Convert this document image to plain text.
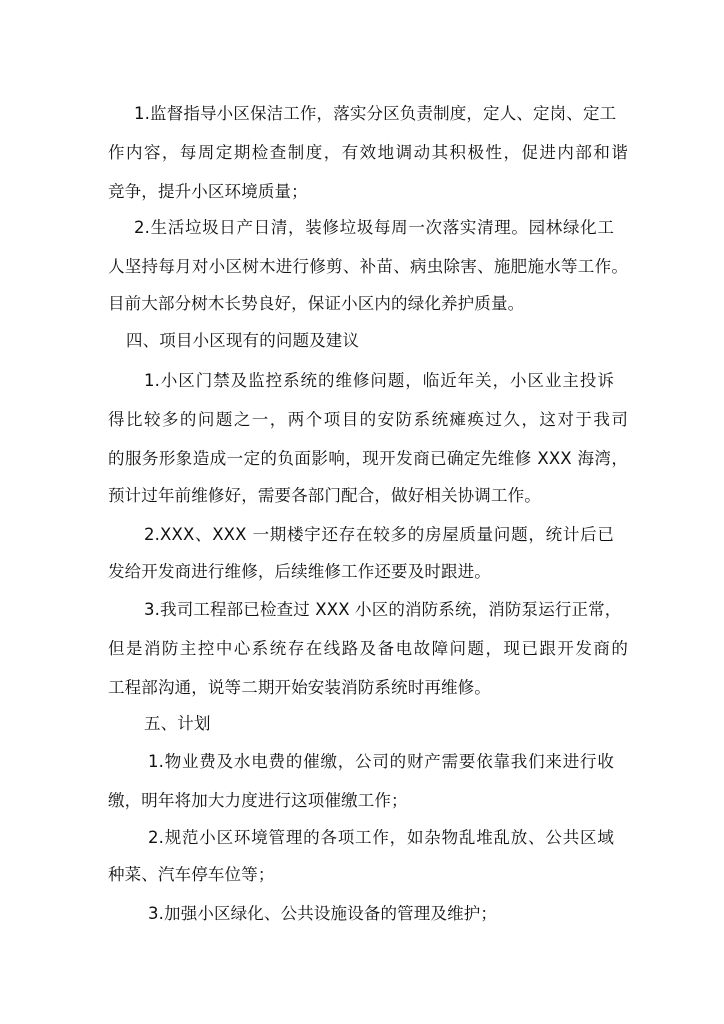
1.监督指导小区保洁工作，落实分区负责制度，定人、定岗、定工
作内容，每周定期检查制度，有效地调动其积极性，促进内部和谐
竞争，提升小区环境质量；
2.生活垃圾日产日清，装修垃圾每周一次落实清理。园林绿化工
人坚持每月对小区树木进行修剪、补苗、病虫除害、施肥施水等工作。
目前大部分树木长势良好，保证小区内的绿化养护质量。
四、项目小区现有的问题及建议
1.小区门禁及监控系统的维修问题，临近年关，小区业主投诉
得比较多的问题之一，两个项目的安防系统瘫痪过久，这对于我司
的服务形象造成一定的负面影响，现开发商已确定先维修 XXX 海湾，
预计过年前维修好，需要各部门配合，做好相关协调工作。
2.XXX、XXX 一期楼宇还存在较多的房屋质量问题，统计后已
发给开发商进行维修，后续维修工作还要及时跟进。
3.我司工程部已检查过 XXX 小区的消防系统，消防泵运行正常，
但是消防主控中心系统存在线路及备电故障问题，现已跟开发商的
工程部沟通，说等二期开始安装消防系统时再维修。
五、计划
1.物业费及水电费的催缴，公司的财产需要依靠我们来进行收
缴，明年将加大力度进行这项催缴工作；
2.规范小区环境管理的各项工作，如杂物乱堆乱放、公共区域
种菜、汽车停车位等；
3.加强小区绿化、公共设施设备的管理及维护；
